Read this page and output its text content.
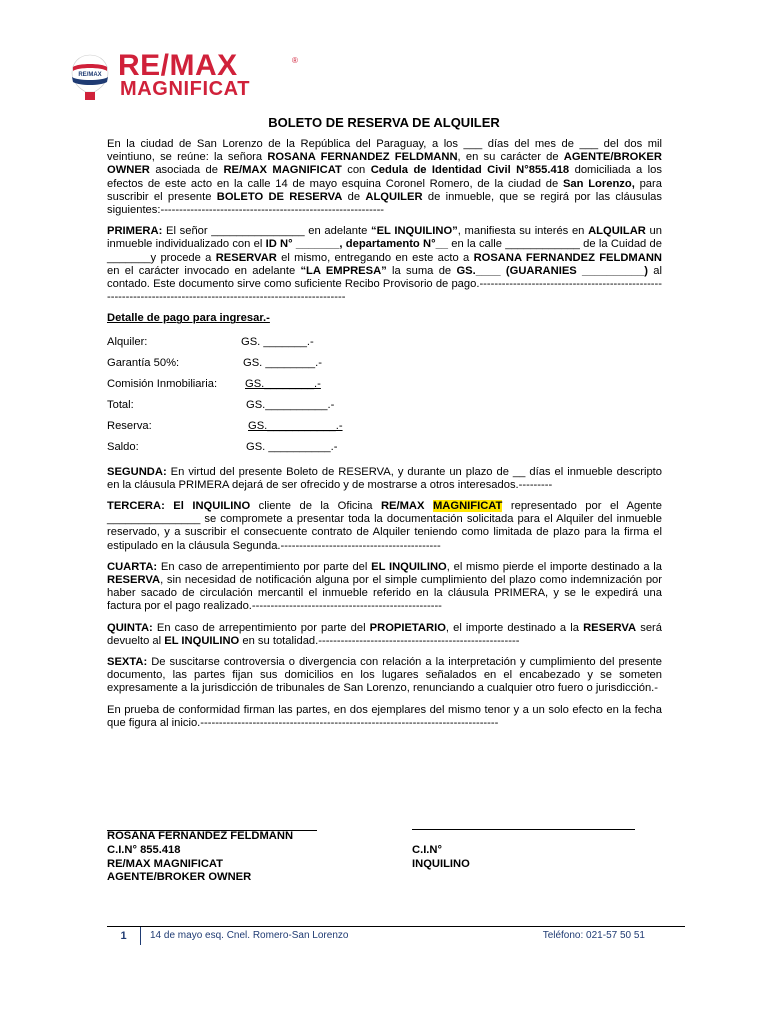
RE/MAX RE/MAX	®
MAGNIFICAT
BOLETO DE RESERVA DE ALQUILER

En la ciudad de San Lorenzo de la República del Paraguay, a los ___ días del mes de ___ del dos mil veintiuno, se reúne: la señora ROSANA FERNANDEZ FELDMANN, en su carácter de AGENTE/BROKER OWNER asociada de RE/MAX MAGNIFICAT con Cedula de Identidad Civil N°855.418 domiciliada a los efectos de este acto en la calle 14 de mayo esquina Coronel Romero, de la ciudad de San Lorenzo, para suscribir el presente BOLETO DE RESERVA de ALQUILER de inmueble, que se regirá por las cláusulas siguientes:------------------------------------------------------------

PRIMERA: El señor _______________ en adelante “EL INQUILINO”, manifiesta su interés en ALQUILAR un inmueble individualizado con el ID N° _______, departamento N°__ en la calle ____________ de la Cuidad de _______y procede a RESERVAR el mismo, entregando en este acto a ROSANA FERNANDEZ FELDMANN en el carácter invocado en adelante “LA EMPRESA” la suma de GS.____ (GUARANIES __________) al contado. Este documento sirve como suficiente Recibo Provisorio de pago.-----------------------------------------------------------------------------------------------------------------

Detalle de pago para ingresar.-
Alquiler:	GS. _______.-
Garantía 50%:	GS. ________.-
Comisión Inmobiliaria: GS.________.-
Total:	GS.__________.-
Reserva:	GS.___________.-
Saldo:	GS. __________.-

SEGUNDA: En virtud del presente Boleto de RESERVA, y durante un plazo de __ días el inmueble descripto en la cláusula PRIMERA dejará de ser ofrecido y de mostrarse a otros interesados.---------

TERCERA: El INQUILINO cliente de la Oficina RE/MAX MAGNIFICAT representado por el Agente _______________ se compromete a presentar toda la documentación solicitada para el Alquiler del inmueble reservado, y a suscribir el consecuente contrato de Alquiler teniendo como limitada de plazo para la firma el estipulado en la cláusula Segunda.-------------------------------------------

CUARTA: En caso de arrepentimiento por parte del EL INQUILINO, el mismo pierde el importe destinado a la RESERVA, sin necesidad de notificación alguna por el simple cumplimiento del plazo como indemnización por haber sacado de circulación mercantil el inmueble referido en la cláusula PRIMERA, y se le expedirá una factura por el pago realizado.---------------------------------------------------

QUINTA: En caso de arrepentimiento por parte del PROPIETARIO, el importe destinado a la RESERVA será devuelto al EL INQUILINO en su totalidad.------------------------------------------------------

SEXTA: De suscitarse controversia o divergencia con relación a la interpretación y cumplimiento del presente documento, las partes fijan sus domicilios en los lugares señalados en el encabezado y se someten expresamente a la jurisdicción de tribunales de San Lorenzo, renunciando a cualquier otro fuero o jurisdicción.-

En prueba de conformidad firman las partes, en dos ejemplares del mismo tenor y a un solo efecto en la fecha que figura al inicio.--------------------------------------------------------------------------------

ROSANA FERNANDEZ FELDMANN
C.I.N° 855.418
RE/MAX MAGNIFICAT
AGENTE/BROKER OWNER
C.I.N°
INQUILINO
1	14 de mayo esq. Cnel. Romero-San Lorenzo	Teléfono: 021-57 50 51
